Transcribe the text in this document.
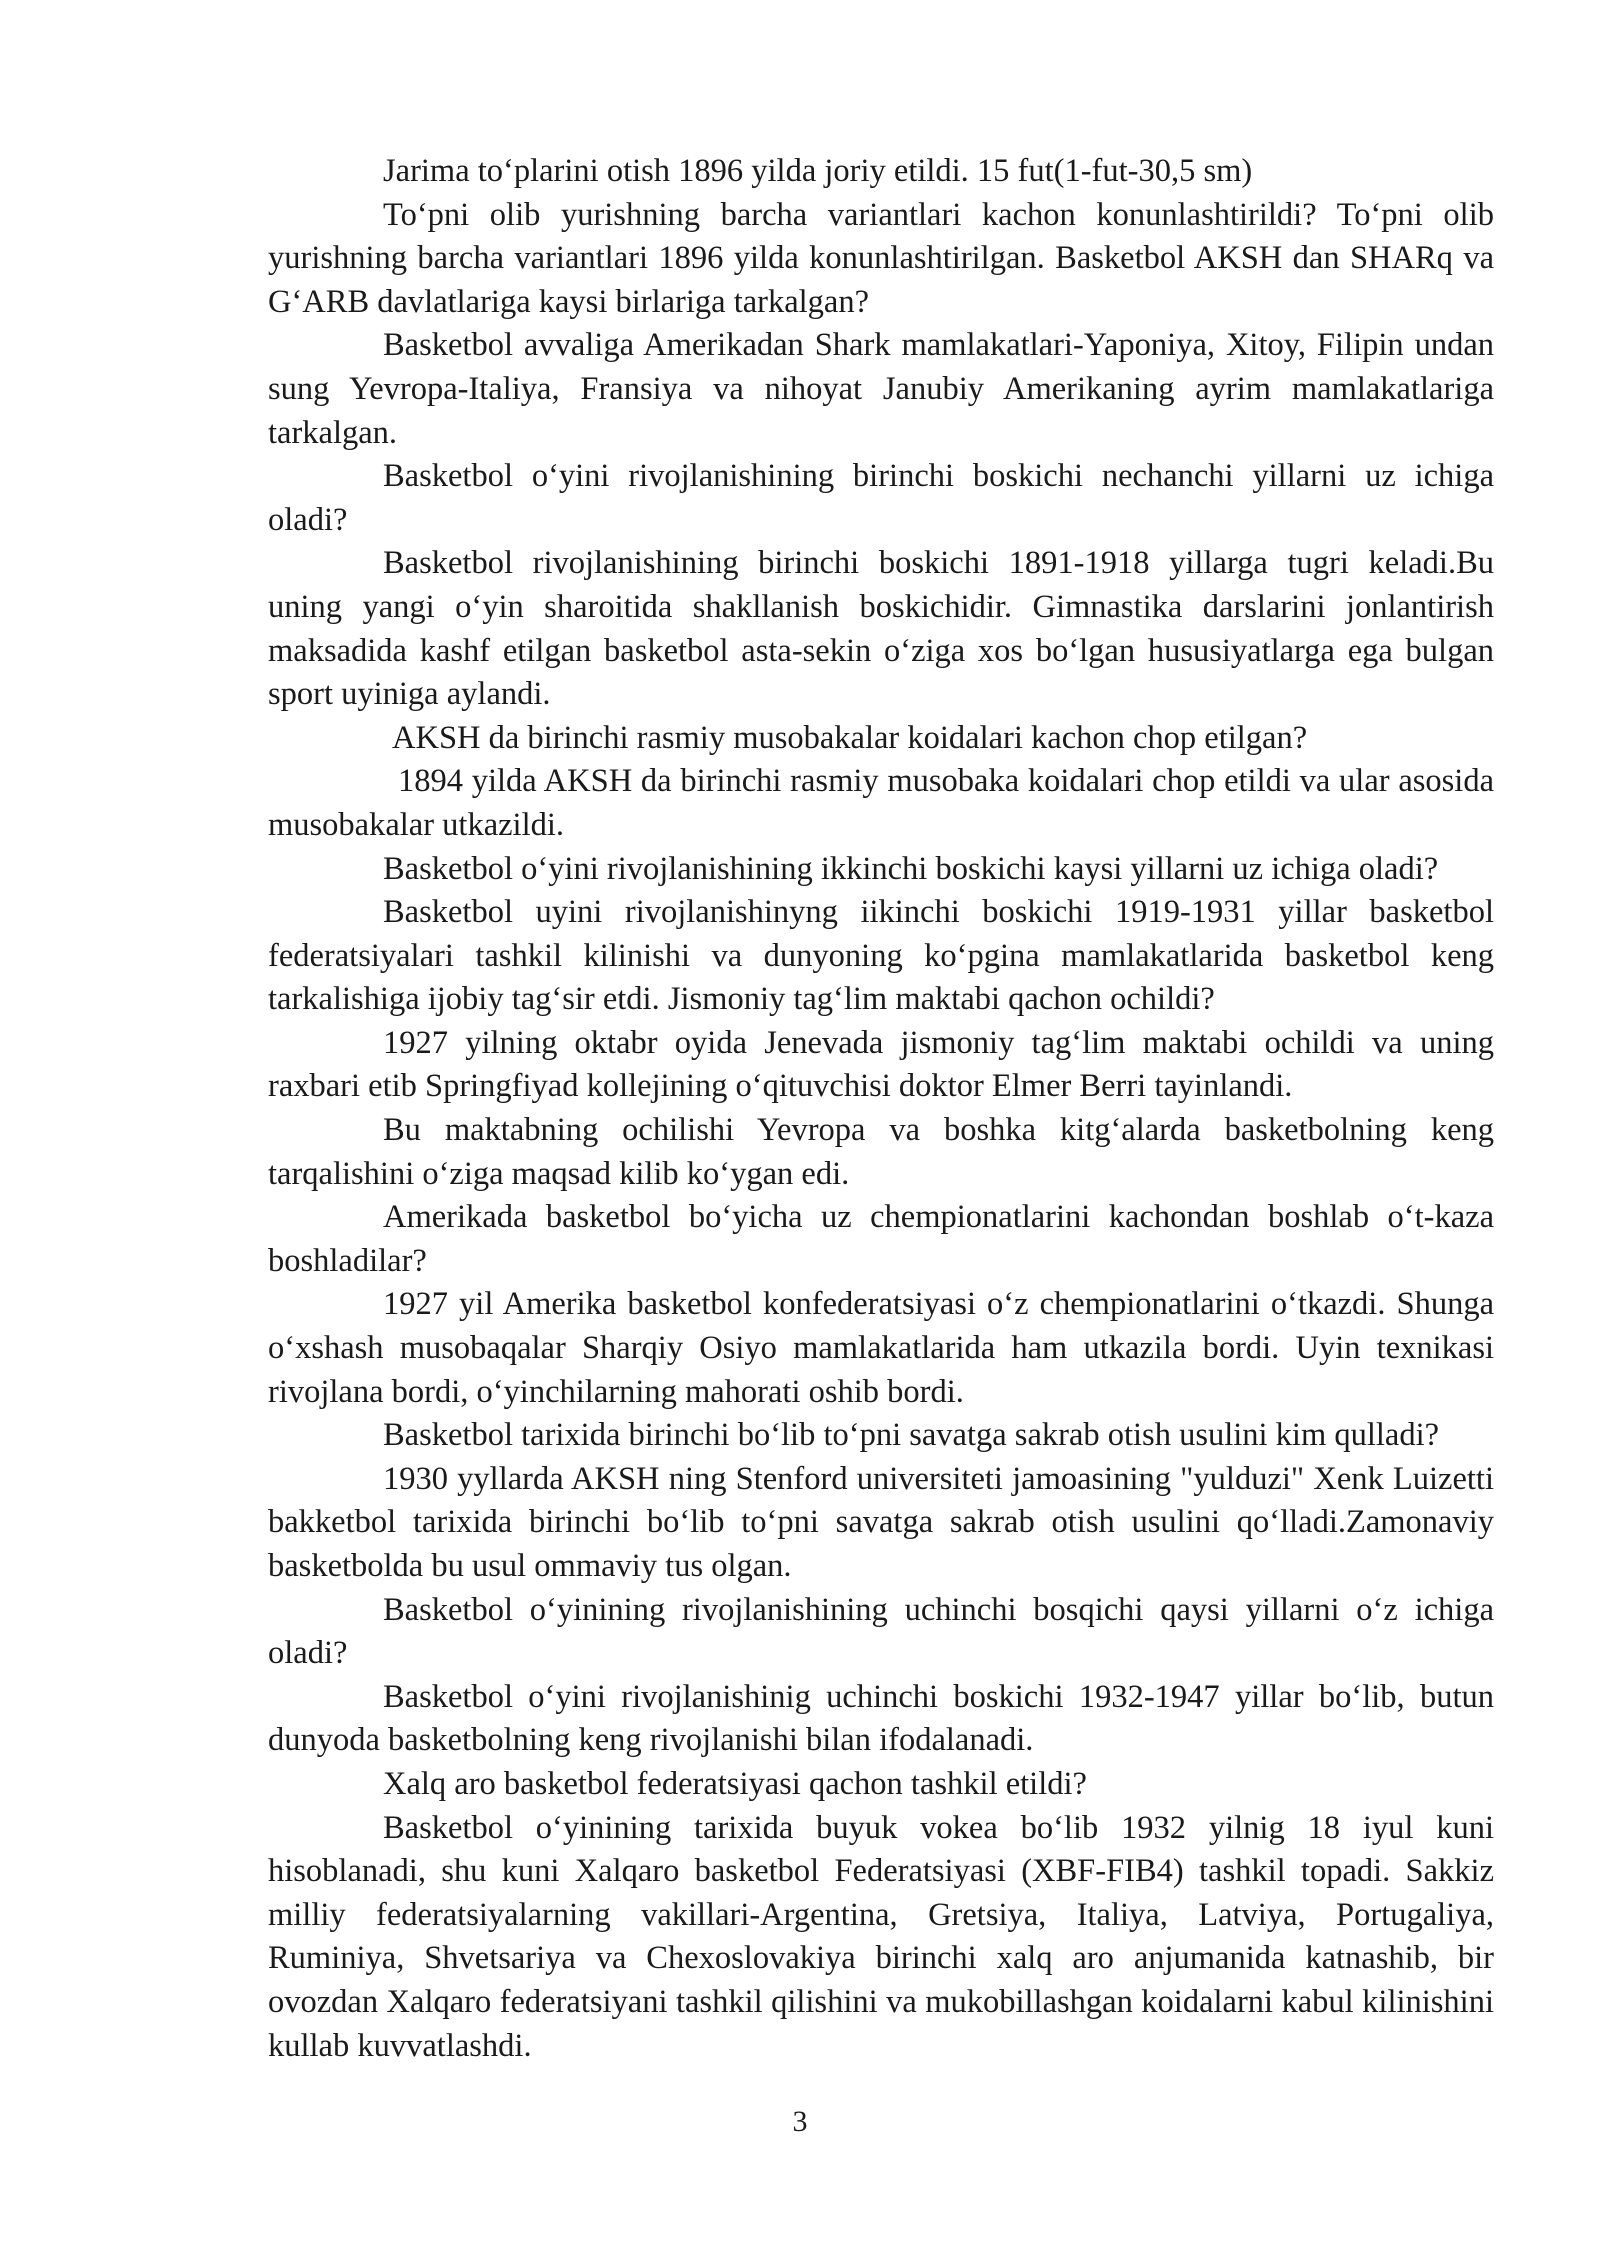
Jarima to‘plarini otish 1896 yilda joriy etildi. 15 fut(1-fut-30,5 sm)

To‘pni olib yurishning barcha variantlari kachon konunlashtirildi? To‘pni olib yurishning barcha variantlari 1896 yilda konunlashtirilgan. Basketbol AKSH dan SHARq va G‘ARB davlatlariga kaysi birlariga tarkalgan?

Basketbol avvaliga Amerikadan Shark mamlakatlari-Yaponiya, Xitoy, Filipin undan sung Yevropa-Italiya, Fransiya va nihoyat Janubiy Amerikaning ayrim mamlakatlariga tarkalgan.

Basketbol o‘yini rivojlanishining birinchi boskichi nechanchi yillarni uz ichiga oladi?

Basketbol rivojlanishining birinchi boskichi 1891-1918 yillarga tugri keladi.Bu uning yangi o‘yin sharoitida shakllanish boskichidir. Gimnastika darslarini jonlantirish maksadida kashf etilgan basketbol asta-sekin o‘ziga xos bo‘lgan hususiyatlarga ega bulgan sport uyiniga aylandi.

AKSH da birinchi rasmiy musobakalar koidalari kachon chop etilgan?

1894 yilda AKSH da birinchi rasmiy musobaka koidalari chop etildi va ular asosida musobakalar utkazildi.

Basketbol o‘yini rivojlanishining ikkinchi boskichi kaysi yillarni uz ichiga oladi?

Basketbol uyini rivojlanishinyng iikinchi boskichi 1919-1931 yillar basketbol federatsiyalari tashkil kilinishi va dunyoning ko‘pgina mamlakatlarida basketbol keng tarkalishiga ijobiy tag‘sir etdi. Jismoniy tag‘lim maktabi qachon ochildi?

1927 yilning oktabr oyida Jenevada jismoniy tag‘lim maktabi ochildi va uning raxbari etib Springfiyad kollejining o‘qituvchisi doktor Elmer Berri tayinlandi.

Bu maktabning ochilishi Yevropa va boshka kitg‘alarda basketbolning keng tarqalishini o‘ziga maqsad kilib ko‘ygan edi.

Amerikada basketbol bo‘yicha uz chempionatlarini kachondan boshlab o‘t-kaza boshladilar?

1927 yil Amerika basketbol konfederatsiyasi o‘z chempionatlarini o‘tkazdi. Shunga o‘xshash musobaqalar Sharqiy Osiyo mamlakatlarida ham utkazila bordi. Uyin texnikasi rivojlana bordi, o‘yinchilarning mahorati oshib bordi.

Basketbol tarixida birinchi bo‘lib to‘pni savatga sakrab otish usulini kim qulladi?

1930 yyllarda AKSH ning Stenford universiteti jamoasining "yulduzi" Xenk Luizetti bakketbol tarixida birinchi bo‘lib to‘pni savatga sakrab otish usulini qo‘lladi.Zamonaviy basketbolda bu usul ommaviy tus olgan.

Basketbol o‘yinining rivojlanishining uchinchi bosqichi qaysi yillarni o‘z ichiga oladi?

Basketbol o‘yini rivojlanishinig uchinchi boskichi 1932-1947 yillar bo‘lib, butun dunyoda basketbolning keng rivojlanishi bilan ifodalanadi.

Xalq aro basketbol federatsiyasi qachon tashkil etildi?

Basketbol o‘yinining tarixida buyuk vokea bo‘lib 1932 yilnig 18 iyul kuni hisoblanadi, shu kuni Xalqaro basketbol Federatsiyasi (XBF-FIB4) tashkil topadi. Sakkiz milliy federatsiyalarning vakillari-Argentina, Gretsiya, Italiya, Latviya, Portugaliya, Ruminiya, Shvetsariya va Chexoslovakiya birinchi xalq aro anjumanida katnashib, bir ovozdan Xalqaro federatsiyani tashkil qilishini va mukobillashgan koidalarni kabul kilinishini kullab kuvvatlashdi.

3
